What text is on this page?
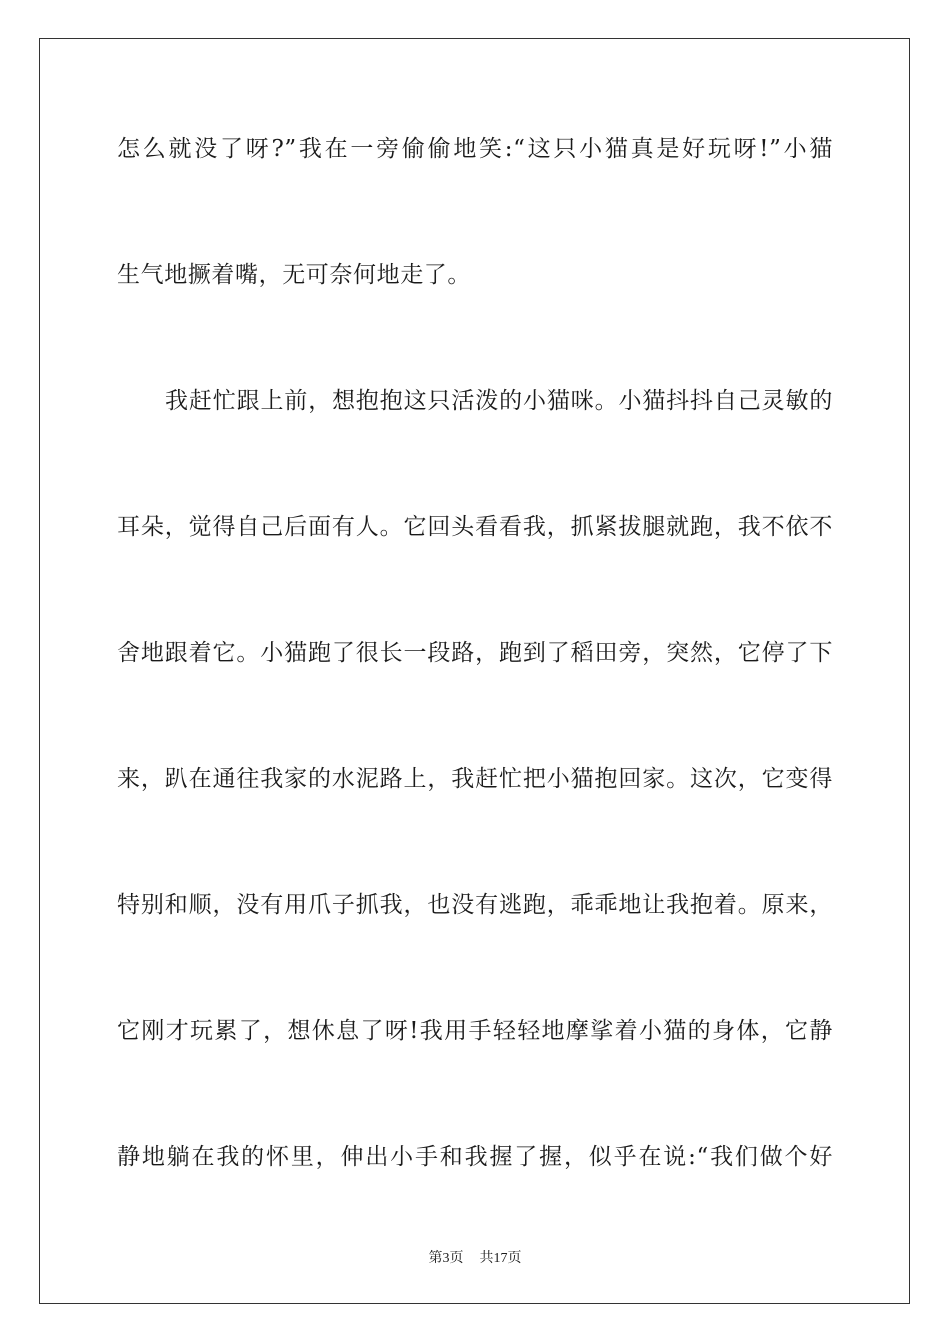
怎么就没了呀?”我在一旁偷偷地笑:“这只小猫真是好玩呀!”小猫
生气地撅着嘴，无可奈何地走了。
我赶忙跟上前，想抱抱这只活泼的小猫咪。小猫抖抖自己灵敏的
耳朵，觉得自己后面有人。它回头看看我，抓紧拔腿就跑，我不依不
舍地跟着它。小猫跑了很长一段路，跑到了稻田旁，突然，它停了下
来，趴在通往我家的水泥路上，我赶忙把小猫抱回家。这次，它变得
特别和顺，没有用爪子抓我，也没有逃跑，乖乖地让我抱着。原来，
它刚才玩累了，想休息了呀!我用手轻轻地摩挲着小猫的身体，它静
静地躺在我的怀里，伸出小手和我握了握，似乎在说:“我们做个好
第3页 共17页
